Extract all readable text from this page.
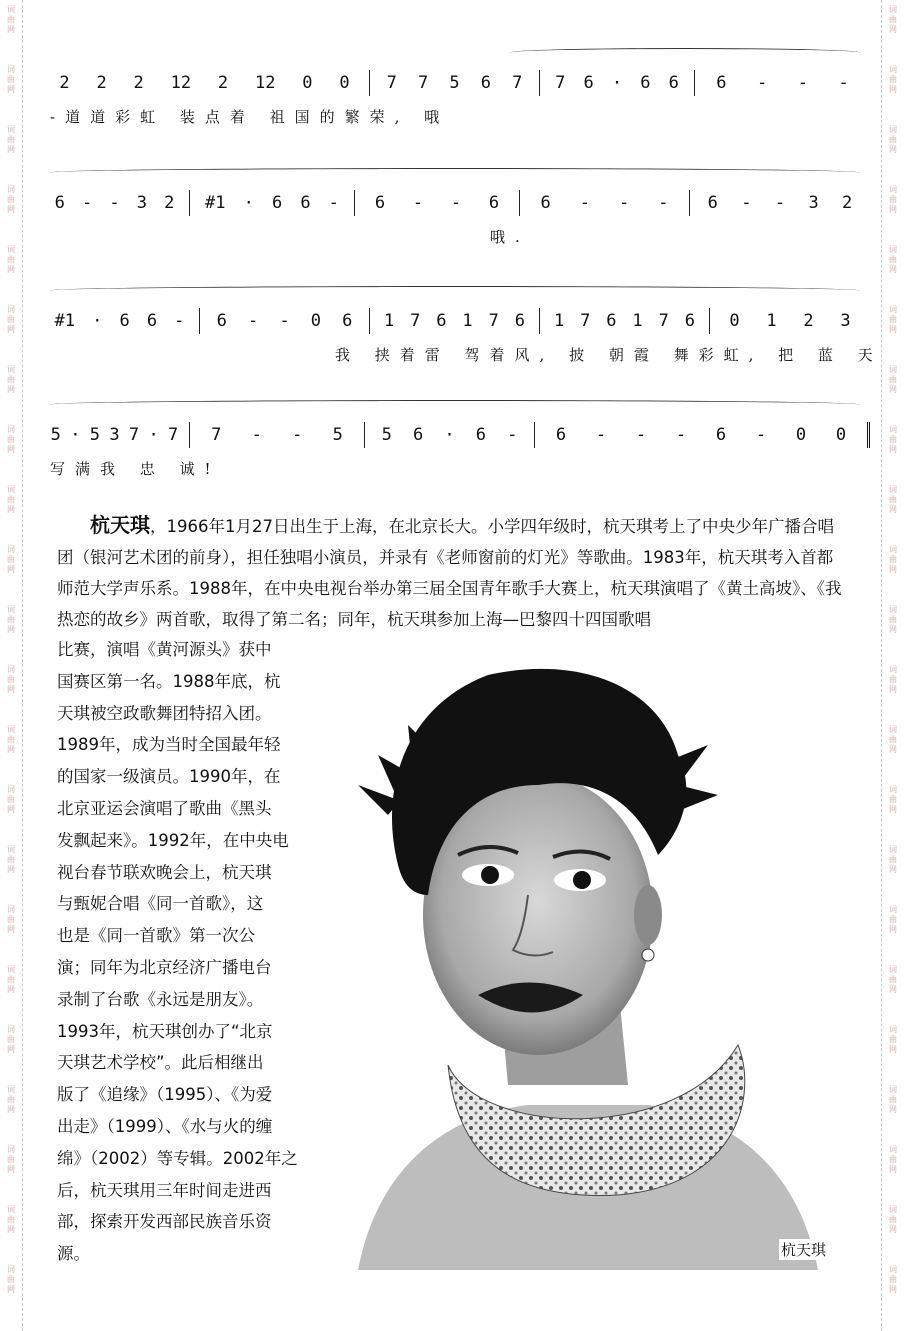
词
曲
网
词
曲
网
词
曲
网
词
曲
网
词
曲
网
词
曲
网
词
曲
网
词
曲
网
词
曲
网
词
曲
网
词
曲
网
词
曲
网
词
曲
网
词
曲
网
词
曲
网
词
曲
网
词
曲
网
词
曲
网
词
曲
网
词
曲
网
词
曲
网
词
曲
网
词
曲
网
词
曲
网
词
曲
网
词
曲
网
词
曲
网
词
曲
网
词
曲
网
词
曲
网
词
曲
网
词
曲
网
词
曲
网
词
曲
网
词
曲
网
词
曲
网
词
曲
网
词
曲
网
词
曲
网
词
曲
网
词
曲
网
词
曲
网
词
曲
网
词
曲
网
2 2 2 12 2 12 0 0 7 7 5 6 7 7 6 · 6 6 6 - - -
-道道彩虹 装点着 祖国的繁荣, 哦
6 - - 3 2 #1 · 6 6 - 6 - - 6 6 - - - 6 - - 3 2
哦.
#1 · 6 6 - 6 - - 0 6 1 7 6 1 7 6 1 7 6 1 7 6 0 1 2 3
我 挟着雷 驾着风, 披 朝霞 舞彩虹, 把 蓝 天
5 · 5 3 7 · 7 7 - - 5 5 6 · 6 - 6 - - - 6 - 0 0
写满我 忠 诚!
杭天琪，1966年1月27日出生于上海，在北京长大。小学四年级时，杭天琪考上了中央少年广播合唱团（银河艺术团的前身），担任独唱小演员，并录有《老师窗前的灯光》等歌曲。1983年，杭天琪考入首都师范大学声乐系。1988年，在中央电视台举办第三届全国青年歌手大赛上，杭天琪演唱了《黄土高坡》、《我热恋的故乡》两首歌，取得了第二名；同年，杭天琪参加上海—巴黎四十四国歌唱

比赛，演唱《黄河源头》获中

国赛区第一名。1988年底，杭

天琪被空政歌舞团特招入团。

1989年，成为当时全国最年轻

的国家一级演员。1990年，在

北京亚运会演唱了歌曲《黑头

发飘起来》。1992年，在中央电

视台春节联欢晚会上，杭天琪

与甄妮合唱《同一首歌》，这

也是《同一首歌》第一次公

演；同年为北京经济广播电台

录制了台歌《永远是朋友》。

1993年，杭天琪创办了“北京

天琪艺术学校”。此后相继出

版了《追缘》（1995）、《为爱

出走》（1999）、《水与火的缠

绵》（2002）等专辑。2002年之

后，杭天琪用三年时间走进西

部，探索开发西部民族音乐资

源。	杭天琪
